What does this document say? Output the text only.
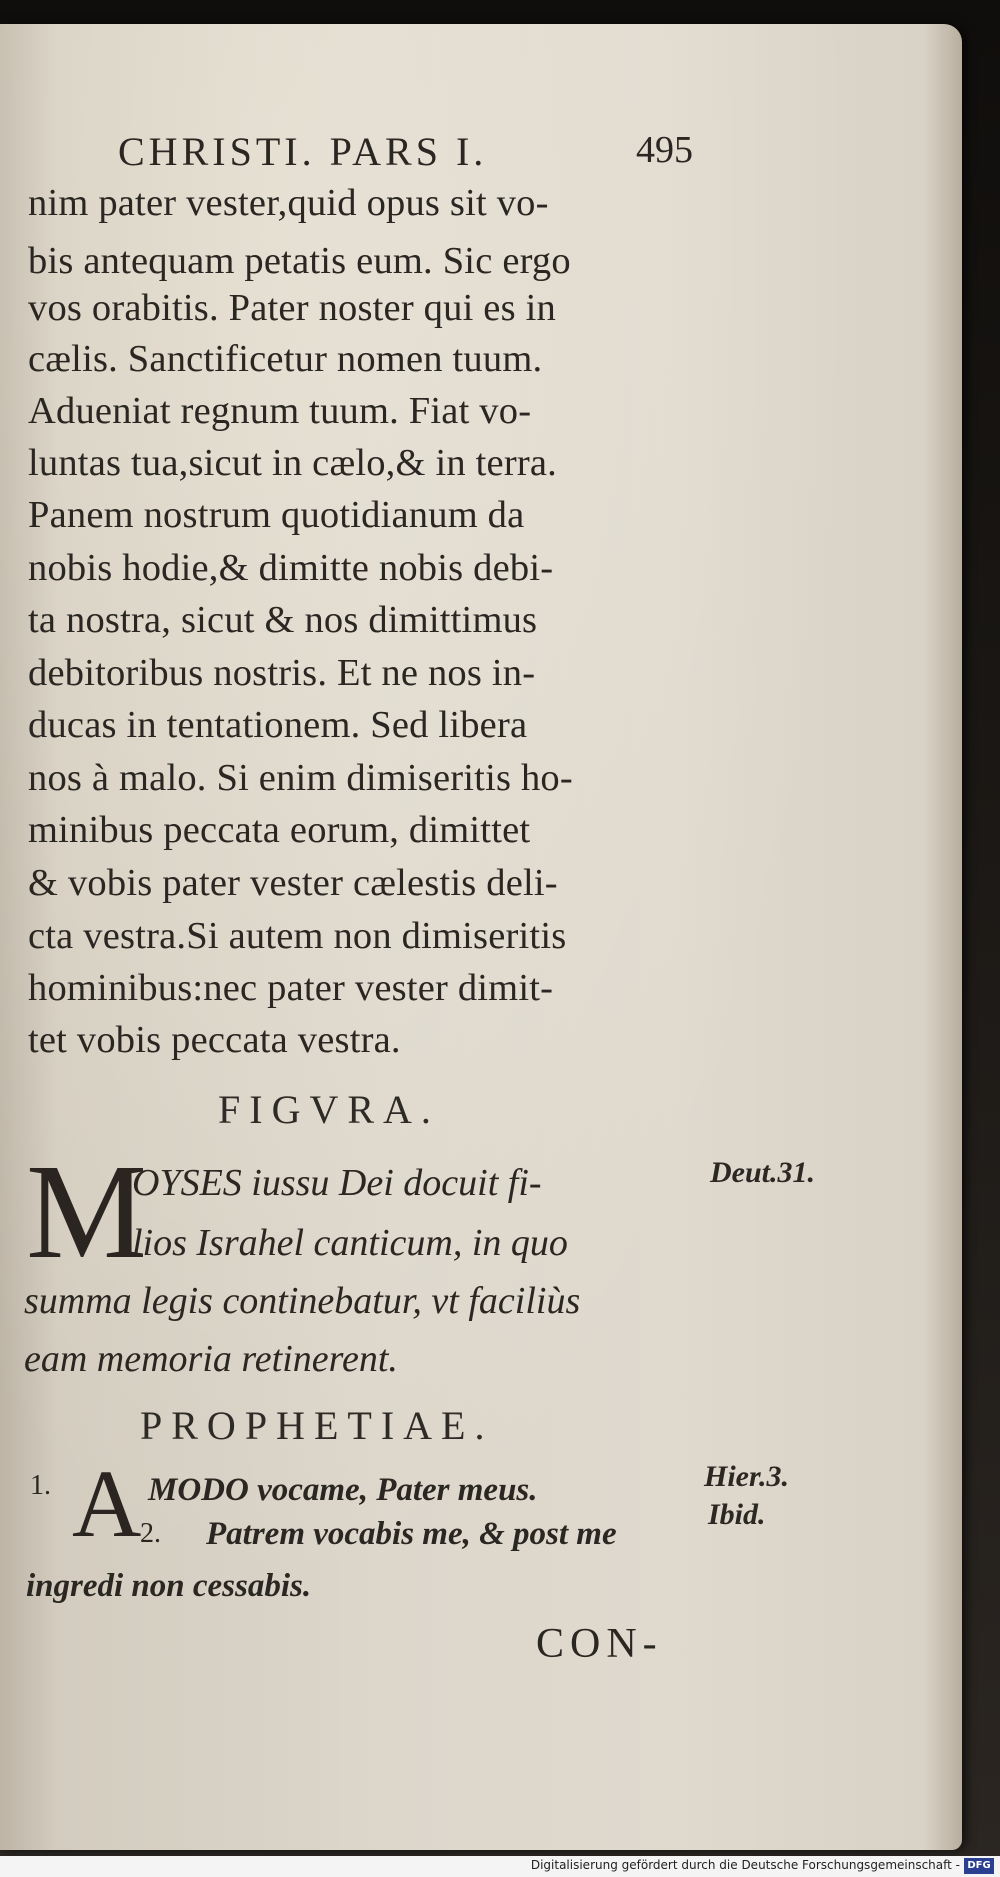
CHRISTI. PARS I.	495
nim pater vester,quid opus sit vo-
bis antequam petatis eum. Sic ergo
vos orabitis. Pater noster qui es in
cælis. Sanctificetur nomen tuum.
Adueniat regnum tuum. Fiat vo-
luntas tua,sicut in cælo,& in terra.
Panem nostrum quotidianum da
nobis hodie,& dimitte nobis debi-
ta nostra, sicut & nos dimittimus
debitoribus nostris. Et ne nos in-
ducas in tentationem. Sed libera
nos à malo. Si enim dimiseritis ho-
minibus peccata eorum, dimittet
& vobis pater vester cælestis deli-
cta vestra.Si autem non dimiseritis
hominibus:nec pater vester dimit-
tet vobis peccata vestra.
FIGVRA.
M
OYSES iussu Dei docuit fi-
lios Israhel canticum, in quo
summa legis continebatur, vt faciliùs
eam memoria retinerent.
Deut.31.
PROPHETIAE.
1. A MODO vocame, Pater meus.
2. Patrem vocabis me, & post me
ingredi non cessabis.
Hier.3.
Ibid.
CON-
Digitalisierung gefördert durch die Deutsche Forschungsgemeinschaft - DFG
